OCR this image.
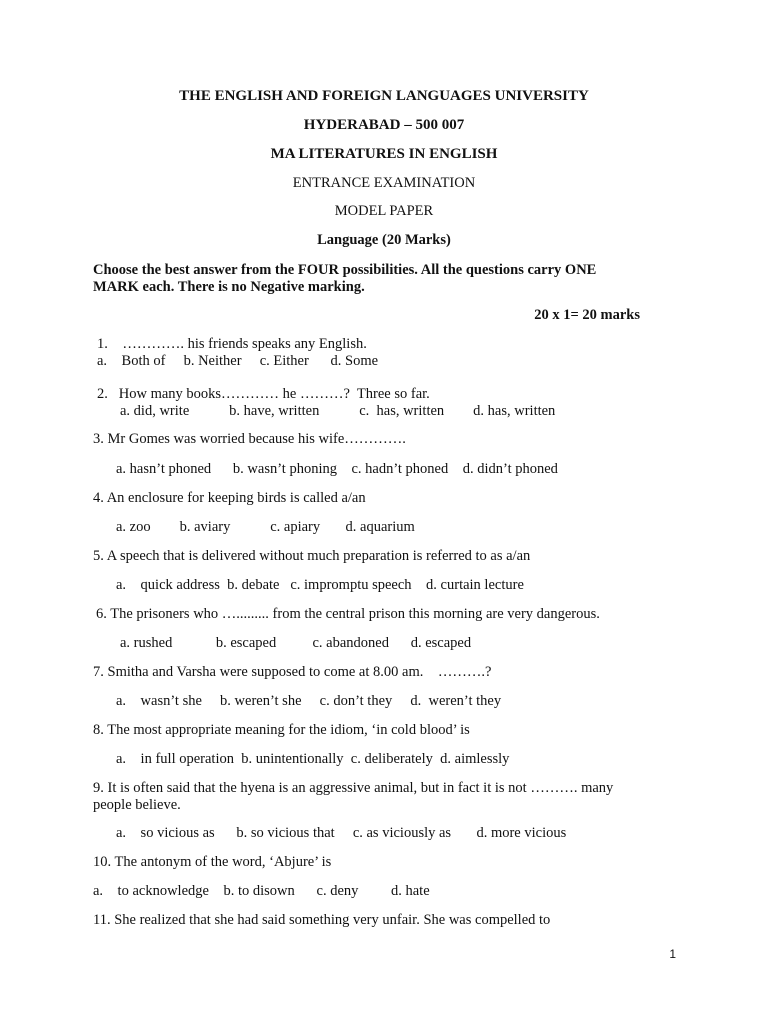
THE ENGLISH AND FOREIGN LANGUAGES UNIVERSITY
HYDERABAD – 500 007
MA LITERATURES IN ENGLISH
ENTRANCE EXAMINATION
MODEL PAPER
Language (20 Marks)
Choose the best answer from the FOUR possibilities. All the questions carry ONE
MARK each. There is no Negative marking.
20 x 1= 20 marks
1.    …………. his friends speaks any English.
a.    Both of     b. Neither     c. Either      d. Some
2.   How many books………… he ………?  Three so far.
a. did, write           b. have, written           c.  has, written        d. has, written
3. Mr Gomes was worried because his wife………….
a. hasn’t phoned      b. wasn’t phoning    c. hadn’t phoned    d. didn’t phoned
4. An enclosure for keeping birds is called a/an
a. zoo        b. aviary           c. apiary       d. aquarium
5. A speech that is delivered without much preparation is referred to as a/an
a.    quick address  b. debate   c. impromptu speech    d. curtain lecture
6. The prisoners who …......... from the central prison this morning are very dangerous.
a. rushed            b. escaped          c. abandoned      d. escaped
7. Smitha and Varsha were supposed to come at 8.00 am.    ……….?
a.    wasn’t she     b. weren’t she     c. don’t they     d.  weren’t they
8. The most appropriate meaning for the idiom, ‘in cold blood’ is
a.    in full operation  b. unintentionally  c. deliberately  d. aimlessly
9. It is often said that the hyena is an aggressive animal, but in fact it is not ………. many
people believe.
a.    so vicious as      b. so vicious that     c. as viciously as       d. more vicious
10. The antonym of the word, ‘Abjure’ is
a.    to acknowledge    b. to disown      c. deny         d. hate
11. She realized that she had said something very unfair. She was compelled to
1
